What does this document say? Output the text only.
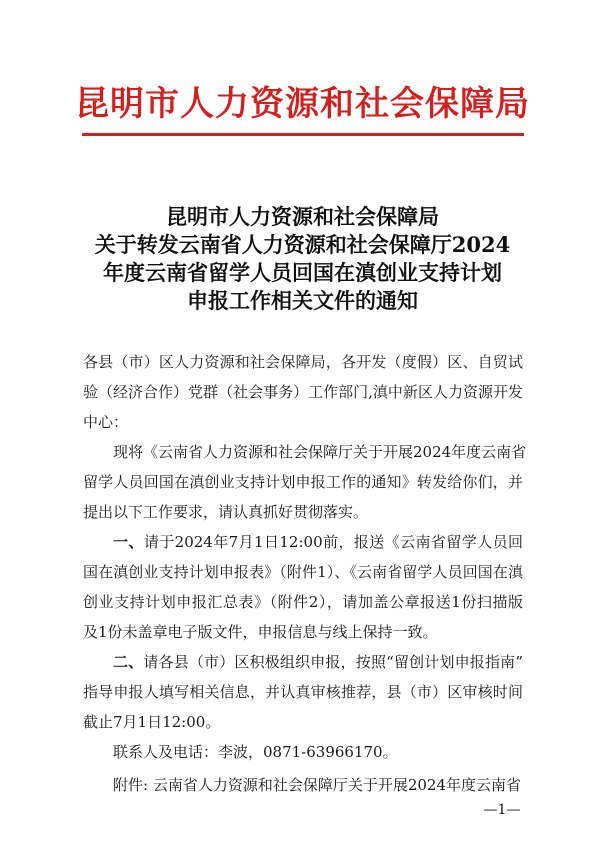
昆明市人力资源和社会保障局
昆明市人力资源和社会保障局
关于转发云南省人力资源和社会保障厅2024
年度云南省留学人员回国在滇创业支持计划
申报工作相关文件的通知
各县（市）区人力资源和社会保障局，各开发（度假）区、自贸试
验（经济合作）党群（社会事务）工作部门,滇中新区人力资源开发
中心：
现将《云南省人力资源和社会保障厅关于开展2024年度云南省
留学人员回国在滇创业支持计划申报工作的通知》转发给你们，并
提出以下工作要求，请认真抓好贯彻落实。
一、请于2024年7月1日12:00前，报送《云南省留学人员回
国在滇创业支持计划申报表》（附件1）、《云南省留学人员回国在滇
创业支持计划申报汇总表》（附件2），请加盖公章报送1份扫描版
及1份未盖章电子版文件，申报信息与线上保持一致。
二、请各县（市）区积极组织申报，按照“留创计划申报指南”
指导申报人填写相关信息，并认真审核推荐，县（市）区审核时间
截止7月1日12:00。
联系人及电话：李波，0871-63966170。
附件: 云南省人力资源和社会保障厅关于开展2024年度云南省
—1—
